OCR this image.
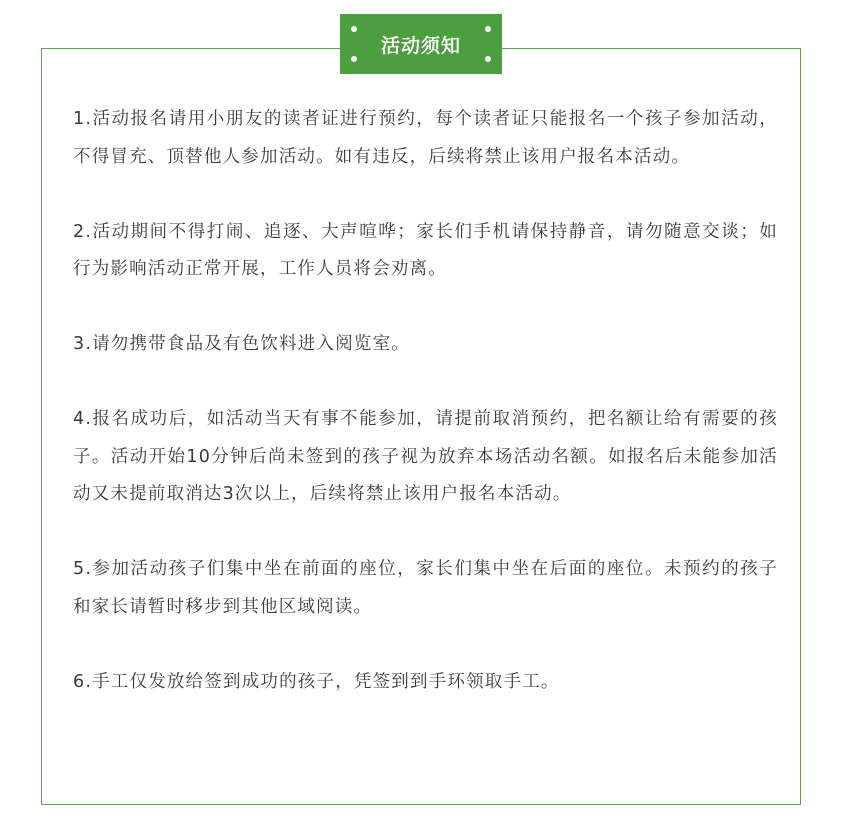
活动须知
1.活动报名请用小朋友的读者证进行预约，每个读者证只能报名一个孩子参加活动，不得冒充、顶替他人参加活动。如有违反，后续将禁止该用户报名本活动。
2.活动期间不得打闹、追逐、大声喧哗；家长们手机请保持静音，请勿随意交谈；如行为影响活动正常开展，工作人员将会劝离。
3.请勿携带食品及有色饮料进入阅览室。
4.报名成功后，如活动当天有事不能参加，请提前取消预约，把名额让给有需要的孩子。活动开始10分钟后尚未签到的孩子视为放弃本场活动名额。如报名后未能参加活动又未提前取消达3次以上，后续将禁止该用户报名本活动。
5.参加活动孩子们集中坐在前面的座位，家长们集中坐在后面的座位。未预约的孩子和家长请暂时移步到其他区域阅读。
6.手工仅发放给签到成功的孩子，凭签到到手环领取手工。
